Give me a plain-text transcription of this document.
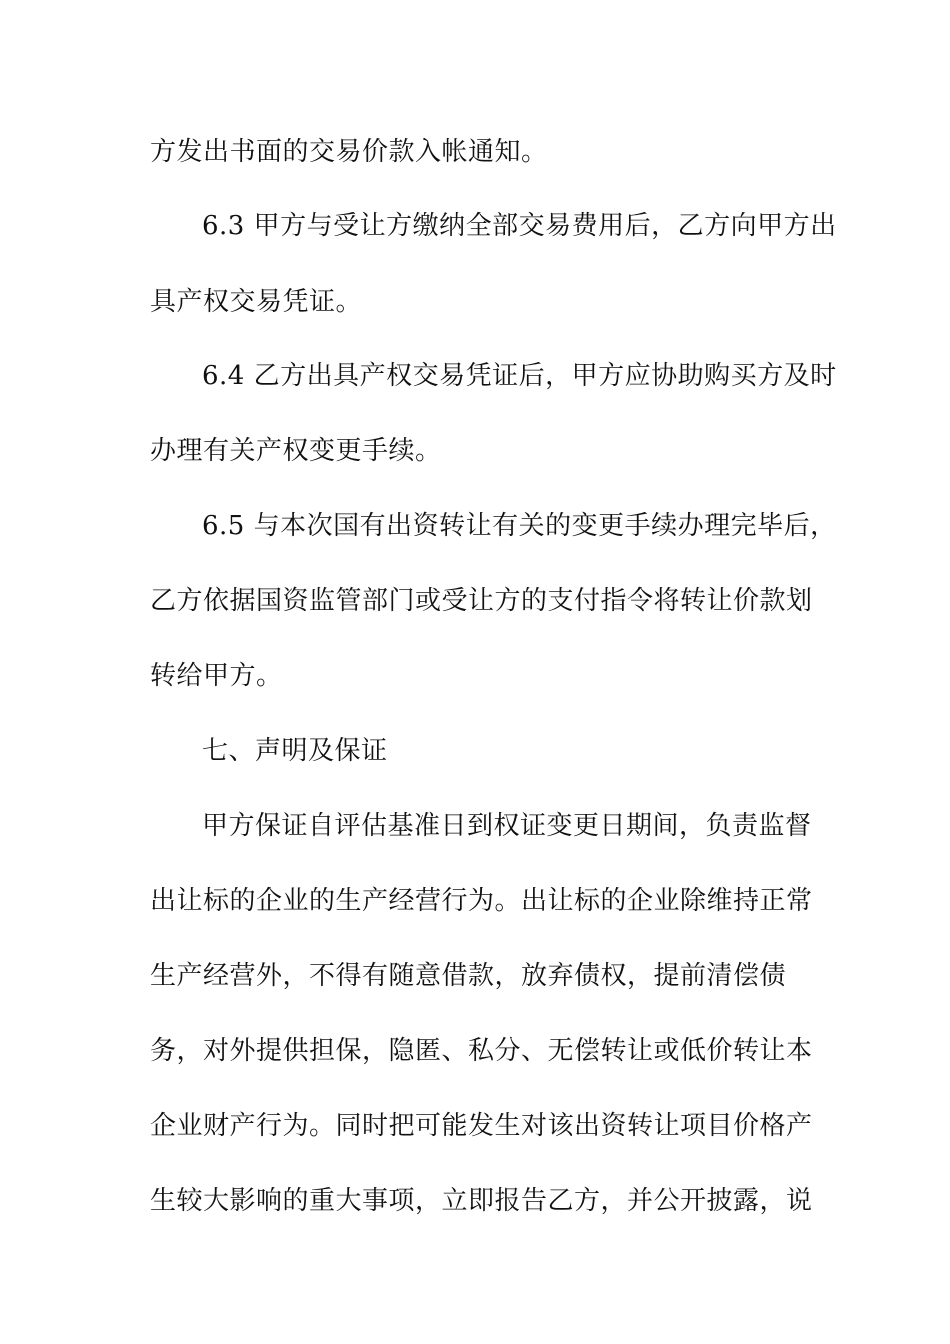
方发出书面的交易价款入帐通知。
6.3 甲方与受让方缴纳全部交易费用后，乙方向甲方出
具产权交易凭证。
6.4 乙方出具产权交易凭证后，甲方应协助购买方及时
办理有关产权变更手续。
6.5 与本次国有出资转让有关的变更手续办理完毕后，
乙方依据国资监管部门或受让方的支付指令将转让价款划
转给甲方。
七、声明及保证
甲方保证自评估基准日到权证变更日期间，负责监督
出让标的企业的生产经营行为。出让标的企业除维持正常
生产经营外，不得有随意借款，放弃债权，提前清偿债
务，对外提供担保，隐匿、私分、无偿转让或低价转让本
企业财产行为。同时把可能发生对该出资转让项目价格产
生较大影响的重大事项，立即报告乙方，并公开披露，说
